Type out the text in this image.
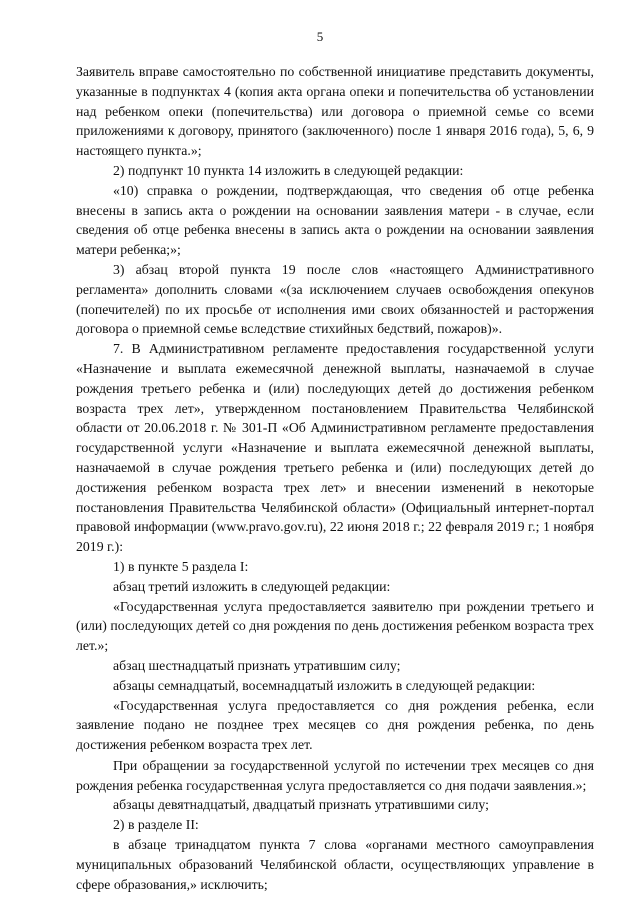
5

Заявитель вправе самостоятельно по собственной инициативе представить документы, указанные в подпунктах 4 (копия акта органа опеки и попечительства об установлении над ребенком опеки (попечительства) или договора о приемной семье со всеми приложениями к договору, принятого (заключенного) после 1 января 2016 года), 5, 6, 9 настоящего пункта.»;

2) подпункт 10 пункта 14 изложить в следующей редакции:

«10) справка о рождении, подтверждающая, что сведения об отце ребенка внесены в запись акта о рождении на основании заявления матери - в случае, если сведения об отце ребенка внесены в запись акта о рождении на основании заявления матери ребенка;»;

3) абзац второй пункта 19 после слов «настоящего Административного регламента» дополнить словами «(за исключением случаев освобождения опекунов (попечителей) по их просьбе от исполнения ими своих обязанностей и расторжения договора о приемной семье вследствие стихийных бедствий, пожаров)».

7. В Административном регламенте предоставления государственной услуги «Назначение и выплата ежемесячной денежной выплаты, назначаемой в случае рождения третьего ребенка и (или) последующих детей до достижения ребенком возраста трех лет», утвержденном постановлением Правительства Челябинской области от 20.06.2018 г. № 301-П «Об Административном регламенте предоставления государственной услуги «Назначение и выплата ежемесячной денежной выплаты, назначаемой в случае рождения третьего ребенка и (или) последующих детей до достижения ребенком возраста трех лет» и внесении изменений в некоторые постановления Правительства Челябинской области» (Официальный интернет-портал правовой информации (www.pravo.gov.ru), 22 июня 2018 г.; 22 февраля 2019 г.; 1 ноября 2019 г.):

1) в пункте 5 раздела I:

абзац третий изложить в следующей редакции:

«Государственная услуга предоставляется заявителю при рождении третьего и (или) последующих детей со дня рождения по день достижения ребенком возраста трех лет.»;

абзац шестнадцатый признать утратившим силу;

абзацы семнадцатый, восемнадцатый изложить в следующей редакции:

«Государственная услуга предоставляется со дня рождения ребенка, если заявление подано не позднее трех месяцев со дня рождения ребенка, по день достижения ребенком возраста трех лет.

При обращении за государственной услугой по истечении трех месяцев со дня рождения ребенка государственная услуга предоставляется со дня подачи заявления.»;

абзацы девятнадцатый, двадцатый признать утратившими силу;

2) в разделе II:

в абзаце тринадцатом пункта 7 слова «органами местного самоуправления муниципальных образований Челябинской области, осуществляющих управление в сфере образования,» исключить;
